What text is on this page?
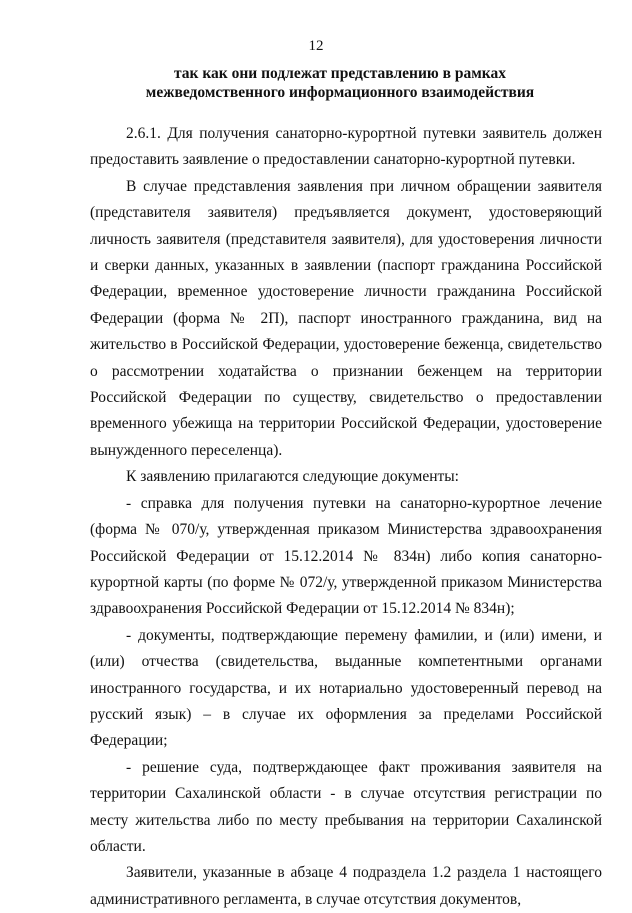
12
так как они подлежат представлению в рамках
межведомственного информационного взаимодействия

2.6.1. Для получения санаторно-курортной путевки заявитель должен предоставить заявление о предоставлении санаторно-курортной путевки.

В случае представления заявления при личном обращении заявителя (представителя заявителя) предъявляется документ, удостоверяющий личность заявителя (представителя заявителя), для удостоверения личности и сверки данных, указанных в заявлении (паспорт гражданина Российской Федерации, временное удостоверение личности гражданина Российской Федерации (форма № 2П), паспорт иностранного гражданина, вид на жительство в Российской Федерации, удостоверение беженца, свидетельство о рассмотрении ходатайства о признании беженцем на территории Российской Федерации по существу, свидетельство о предоставлении временного убежища на территории Российской Федерации, удостоверение вынужденного переселенца).

К заявлению прилагаются следующие документы:

- справка для получения путевки на санаторно-курортное лечение (форма № 070/у, утвержденная приказом Министерства здравоохранения Российской Федерации от 15.12.2014 № 834н) либо копия санаторно-курортной карты (по форме № 072/у, утвержденной приказом Министерства здравоохранения Российской Федерации от 15.12.2014 № 834н);

- документы, подтверждающие перемену фамилии, и (или) имени, и (или) отчества (свидетельства, выданные компетентными органами иностранного государства, и их нотариально удостоверенный перевод на русский язык) – в случае их оформления за пределами Российской Федерации;

- решение суда, подтверждающее факт проживания заявителя на территории Сахалинской области - в случае отсутствия регистрации по месту жительства либо по месту пребывания на территории Сахалинской области.

Заявители, указанные в абзаце 4 подраздела 1.2 раздела 1 настоящего административного регламента, в случае отсутствия документов,
